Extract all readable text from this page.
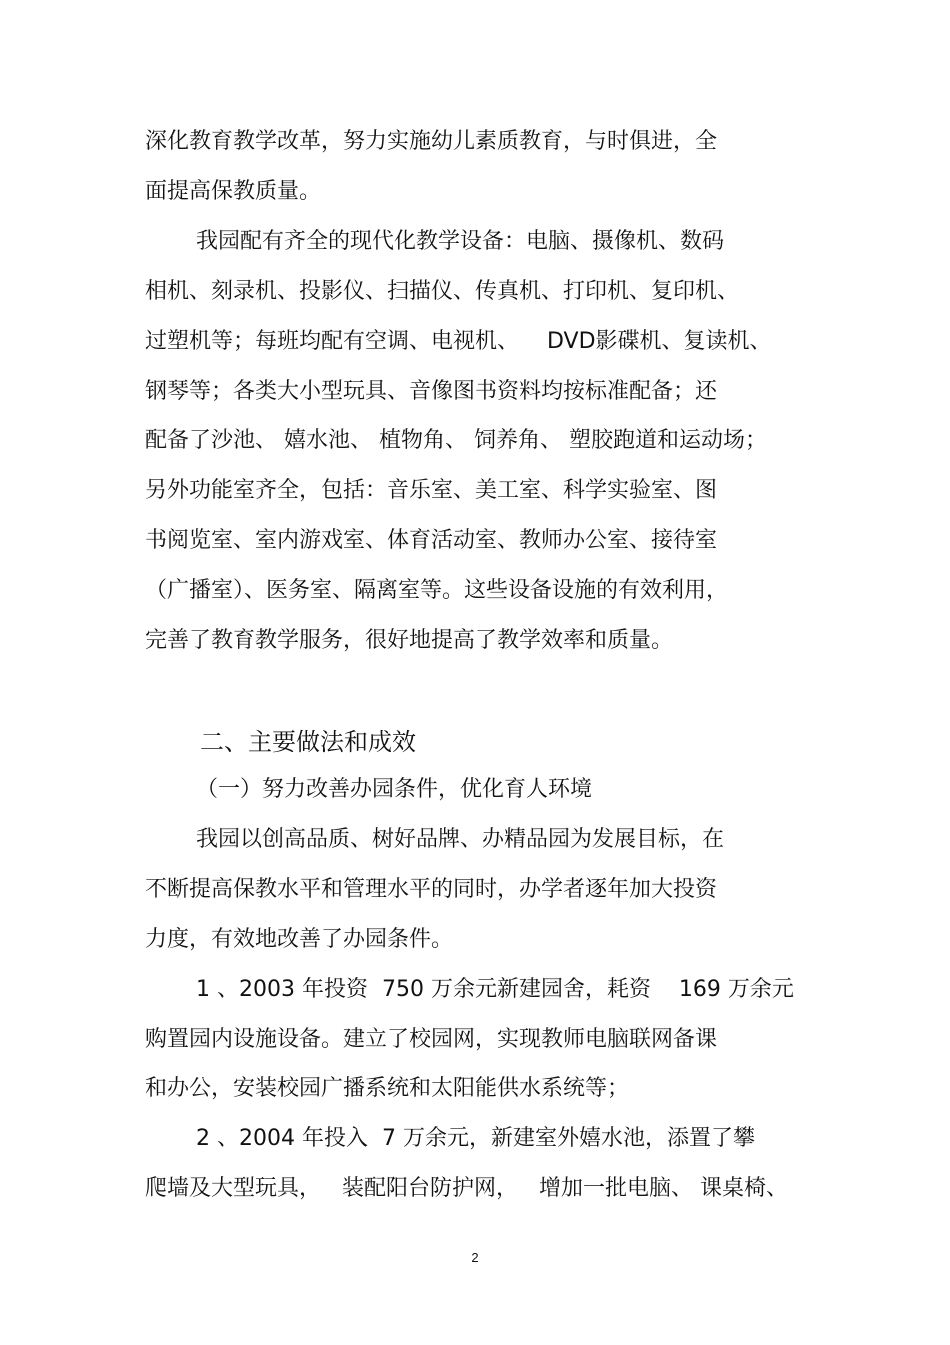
深化教育教学改革，努力实施幼儿素质教育，与时俱进，全
面提高保教质量。
我园配有齐全的现代化教学设备：电脑、摄像机、数码
相机、刻录机、投影仪、扫描仪、传真机、打印机、复印机、
过塑机等；每班均配有空调、电视机、    DVD影碟机、复读机、
钢琴等；各类大小型玩具、音像图书资料均按标准配备；还
配备了沙池、 嬉水池、 植物角、 饲养角、 塑胶跑道和运动场；
另外功能室齐全，包括：音乐室、美工室、科学实验室、图
书阅览室、室内游戏室、体育活动室、教师办公室、接待室
（广播室）、医务室、隔离室等。这些设备设施的有效利用，
完善了教育教学服务，很好地提高了教学效率和质量。
二、主要做法和成效
（一）努力改善办园条件，优化育人环境
我园以创高品质、树好品牌、办精品园为发展目标，在
不断提高保教水平和管理水平的同时，办学者逐年加大投资
力度，有效地改善了办园条件。
1 、2003 年投资  750 万余元新建园舍，耗资    169 万余元
购置园内设施设备。建立了校园网，实现教师电脑联网备课
和办公，安装校园广播系统和太阳能供水系统等；
2 、2004 年投入  7 万余元，新建室外嬉水池，添置了攀
爬墙及大型玩具，   装配阳台防护网，   增加一批电脑、 课桌椅、
2
